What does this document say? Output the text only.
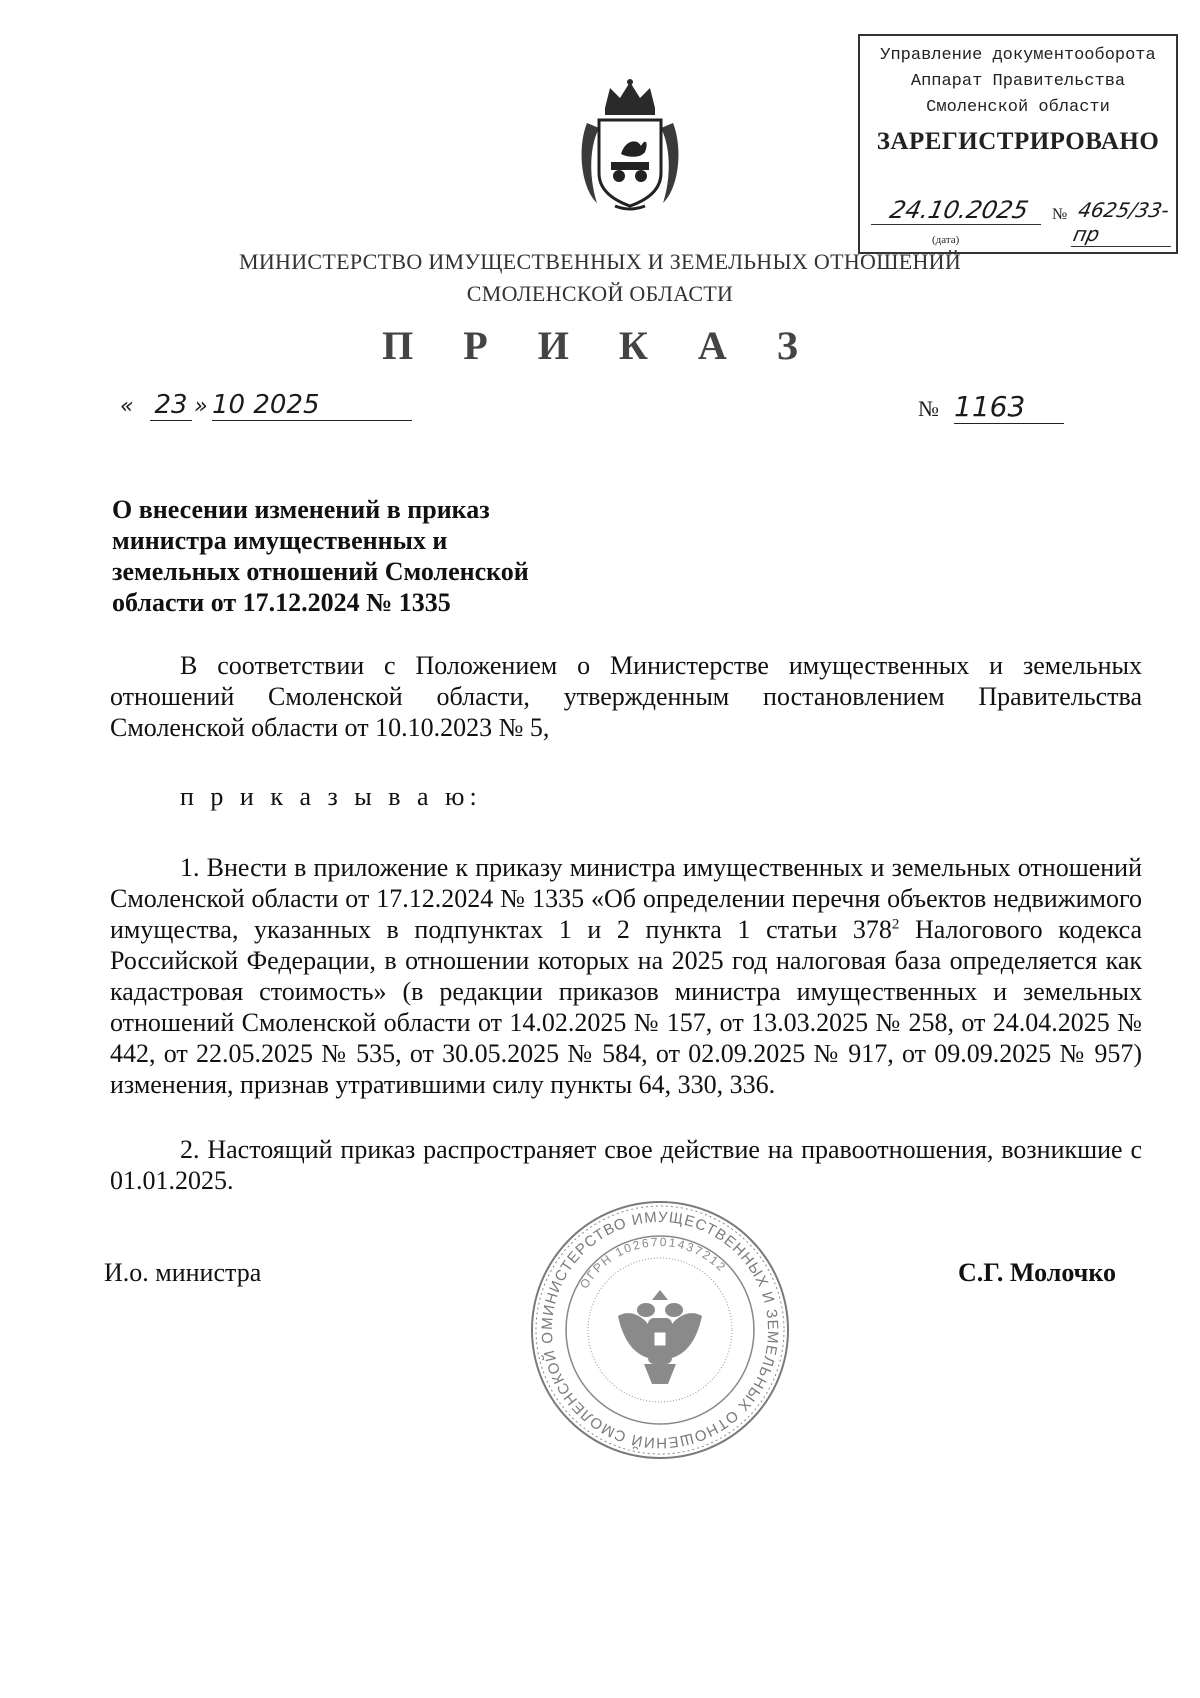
Управление документооборота
Аппарат Правительства
Смоленской области
ЗАРЕГИСТРИРОВАНО
24.10.2025	№ 4625/33-пр
(дата)
МИНИСТЕРСТВО ИМУЩЕСТВЕННЫХ И ЗЕМЕЛЬНЫХ ОТНОШЕНИЙ
СМОЛЕНСКОЙ ОБЛАСТИ
П Р И К А З
« 23 » 10 2025	№ 1163
О внесении изменений в приказ
министра имущественных и
земельных отношений Смоленской
области от 17.12.2024 № 1335
В соответствии с Положением о Министерстве имущественных и земельных отношений Смоленской области, утвержденным постановлением Правительства Смоленской области от 10.10.2023 № 5,
п р и к а з ы в а ю:
1. Внести в приложение к приказу министра имущественных и земельных отношений Смоленской области от 17.12.2024 № 1335 «Об определении перечня объектов недвижимого имущества, указанных в подпунктах 1 и 2 пункта 1 статьи $378^2$ Налогового кодекса Российской Федерации, в отношении которых на 2025 год налоговая база определяется как кадастровая стоимость» (в редакции приказов министра имущественных и земельных отношений Смоленской области от 14.02.2025 № 157, от 13.03.2025 № 258, от 24.04.2025 № 442, от 22.05.2025 № 535, от 30.05.2025 № 584, от 02.09.2025 № 917, от 09.09.2025 № 957) изменения, признав утратившими силу пункты 64, 330, 336.
2. Настоящий приказ распространяет свое действие на правоотношения, возникшие с 01.01.2025.
И.о. министра	С.Г. Молочко
МИНИСТЕРСТВО ИМУЩЕСТВЕННЫХ И ЗЕМЕЛЬНЫХ ОТНОШЕНИЙ СМОЛЕНСКОЙ О
ОГРН 1026701437212
